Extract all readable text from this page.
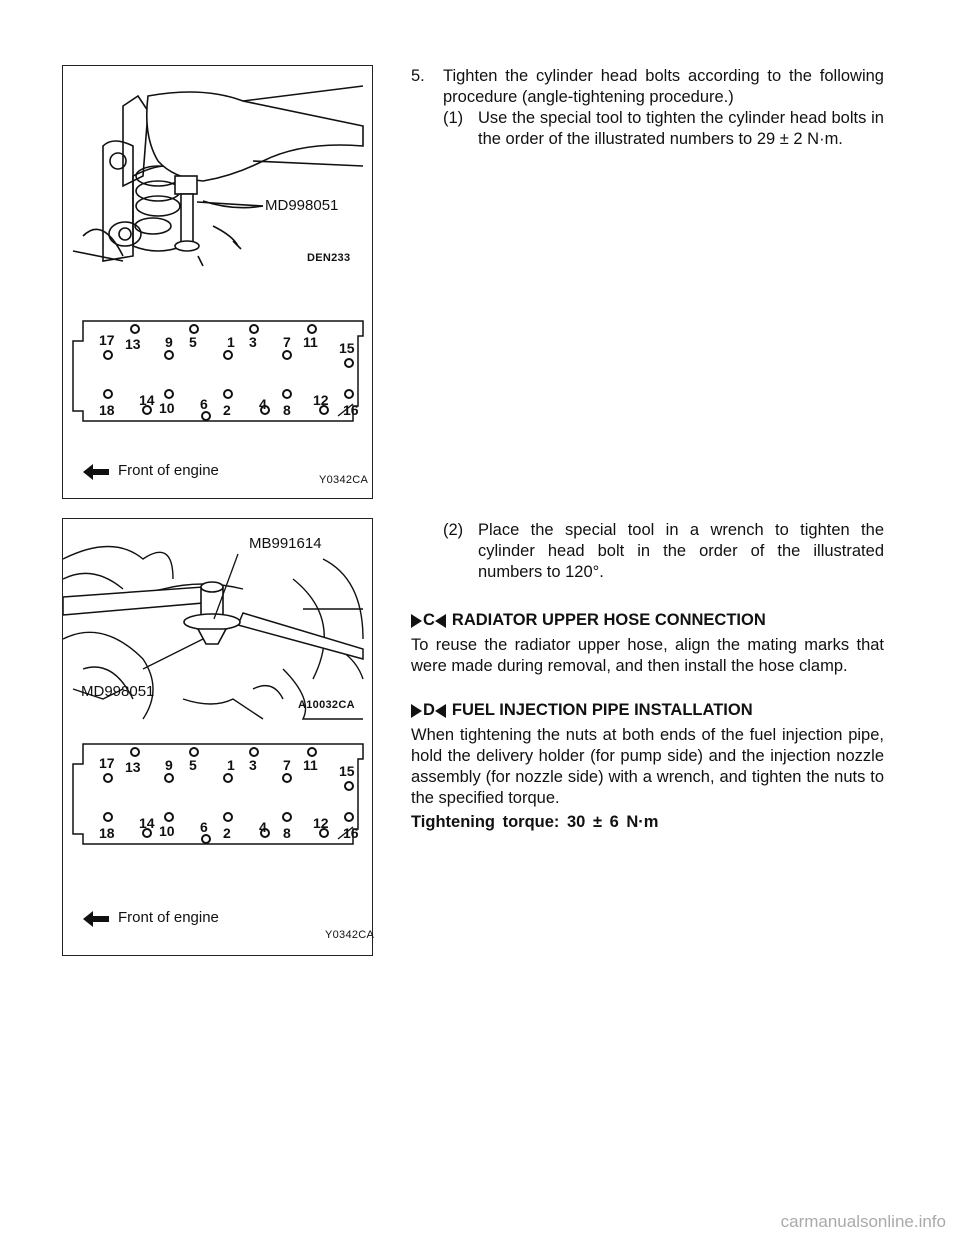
MD998051
DEN233
17 13 9 5 1 3 7 11 15
18
14 10 6 2 4 8
12
16
Front of engine
Y0342CA
MB991614
MD998051
A10032CA
17 13 9 5 1 3 7 11 15
18
14 10 6 2 4 8
12
16
Front of engine
Y0342CA
5. Tighten the cylinder head bolts according to the following procedure (angle-tightening procedure.)
(1) Use the special tool to tighten the cylinder head bolts in the order of the illustrated numbers to 29 ± 2 N·m.
(2) Place the special tool in a wrench to tighten the cylinder head bolt in the order of the illustrated numbers to 120°.
C RADIATOR UPPER HOSE CONNECTION
To reuse the radiator upper hose, align the mating marks that were made during removal, and then install the hose clamp.
D FUEL INJECTION PIPE INSTALLATION
When tightening the nuts at both ends of the fuel injection pipe, hold the delivery holder (for pump side) and the injection nozzle assembly (for nozzle side) with a wrench, and tighten the nuts to the specified torque.
Tightening torque: 30 ± 6 N·m
carmanualsonline.info
